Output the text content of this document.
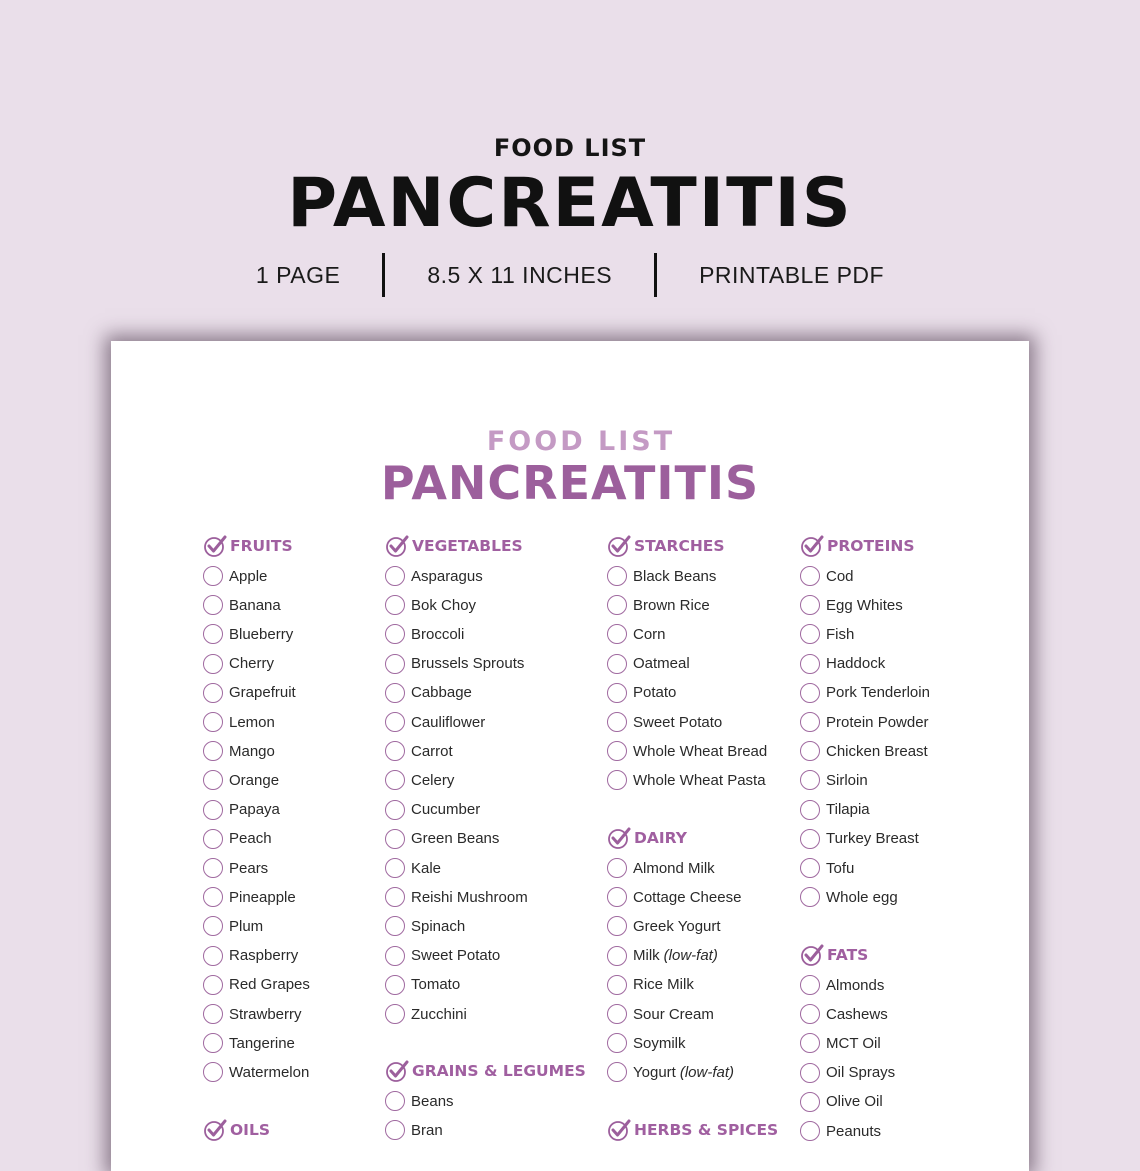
FOOD LIST
PANCREATITIS
1 PAGE	8.5 X 11 INCHES	PRINTABLE PDF
FOOD LIST
PANCREATITIS
FRUITS
Apple
Banana
Blueberry
Cherry
Grapefruit
Lemon
Mango
Orange
Papaya
Peach
Pears
Pineapple
Plum
Raspberry
Red Grapes
Strawberry
Tangerine
Watermelon
OILS
VEGETABLES
Asparagus
Bok Choy
Broccoli
Brussels Sprouts
Cabbage
Cauliflower
Carrot
Celery
Cucumber
Green Beans
Kale
Reishi Mushroom
Spinach
Sweet Potato
Tomato
Zucchini
GRAINS & LEGUMES
Beans
Bran
STARCHES
Black Beans
Brown Rice
Corn
Oatmeal
Potato
Sweet Potato
Whole Wheat Bread
Whole Wheat Pasta
DAIRY
Almond Milk
Cottage Cheese
Greek Yogurt
Milk (low-fat)
Rice Milk
Sour Cream
Soymilk
Yogurt (low-fat)
HERBS & SPICES
PROTEINS
Cod
Egg Whites
Fish
Haddock
Pork Tenderloin
Protein Powder
Chicken Breast
Sirloin
Tilapia
Turkey Breast
Tofu
Whole egg
FATS
Almonds
Cashews
MCT Oil
Oil Sprays
Olive Oil
Peanuts
